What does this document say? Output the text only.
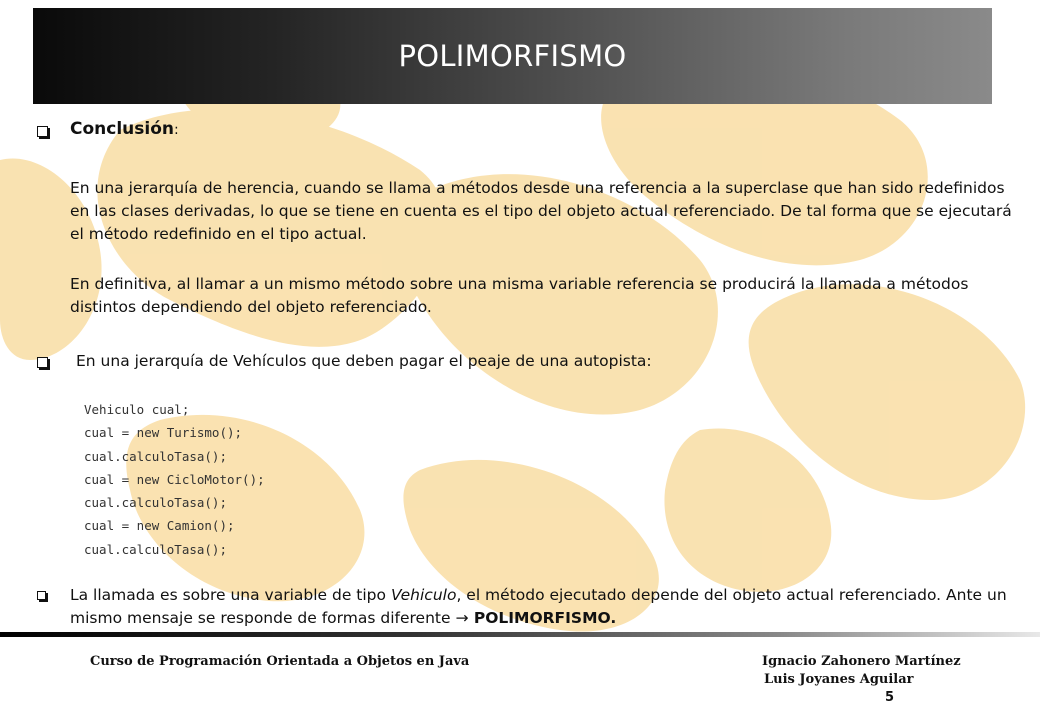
POLIMORFISMO
Conclusión:
En una jerarquía de herencia, cuando se llama a métodos desde una referencia a la superclase que han sido redefinidos en las clases derivadas, lo que se tiene en cuenta es el tipo del objeto actual referenciado. De tal forma que se ejecutará el método redefinido en el tipo actual.
En definitiva, al llamar a un mismo método sobre una misma variable referencia se producirá la llamada a métodos distintos dependiendo del objeto referenciado.
En una jerarquía de Vehículos que deben pagar el peaje de una autopista:
Vehiculo cual;
cual = new Turismo();
cual.calculoTasa();
cual = new CicloMotor();
cual.calculoTasa();
cual = new Camion();
cual.calculoTasa();
La llamada es sobre una variable de tipo Vehiculo, el método ejecutado depende del objeto actual referenciado. Ante un mismo mensaje se responde de formas diferente → POLIMORFISMO.
Curso de Programación Orientada a Objetos en Java	Ignacio Zahonero Martínez
Luis Joyanes Aguilar
5
